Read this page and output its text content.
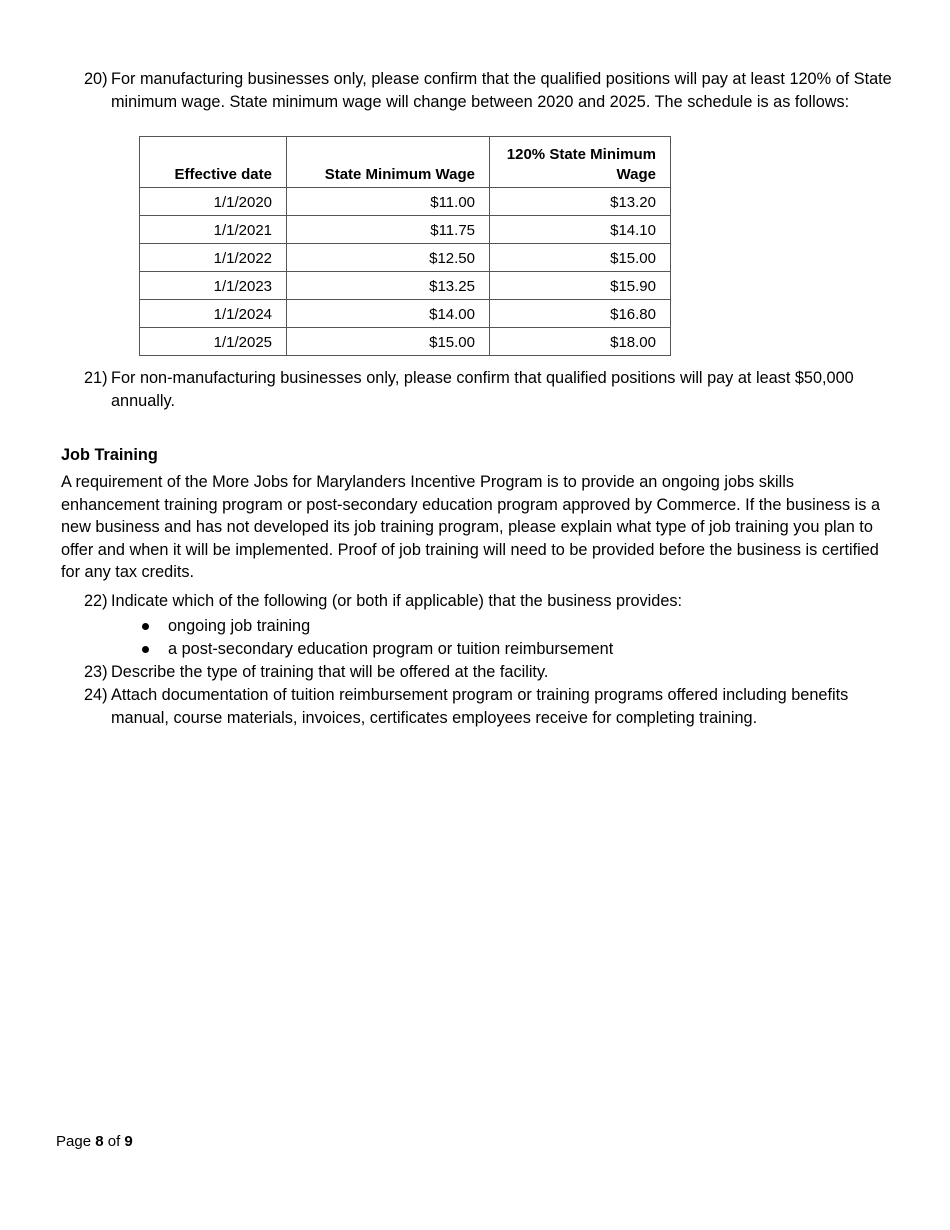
20) For manufacturing businesses only, please confirm that the qualified positions will pay at least 120% of State minimum wage. State minimum wage will change between 2020 and 2025. The schedule is as follows:
Effective date	State Minimum Wage	120% State Minimum Wage
1/1/2020	$11.00	$13.20
1/1/2021	$11.75	$14.10
1/1/2022	$12.50	$15.00
1/1/2023	$13.25	$15.90
1/1/2024	$14.00	$16.80
1/1/2025	$15.00	$18.00
21) For non-manufacturing businesses only, please confirm that qualified positions will pay at least $50,000 annually.
Job Training
A requirement of the More Jobs for Marylanders Incentive Program is to provide an ongoing jobs skills enhancement training program or post-secondary education program approved by Commerce. If the business is a new business and has not developed its job training program, please explain what type of job training you plan to offer and when it will be implemented. Proof of job training will need to be provided before the business is certified for any tax credits.
22) Indicate which of the following (or both if applicable) that the business provides:
ongoing job training
a post-secondary education program or tuition reimbursement
23) Describe the type of training that will be offered at the facility.
24) Attach documentation of tuition reimbursement program or training programs offered including benefits manual, course materials, invoices, certificates employees receive for completing training.
Page 8 of 9
